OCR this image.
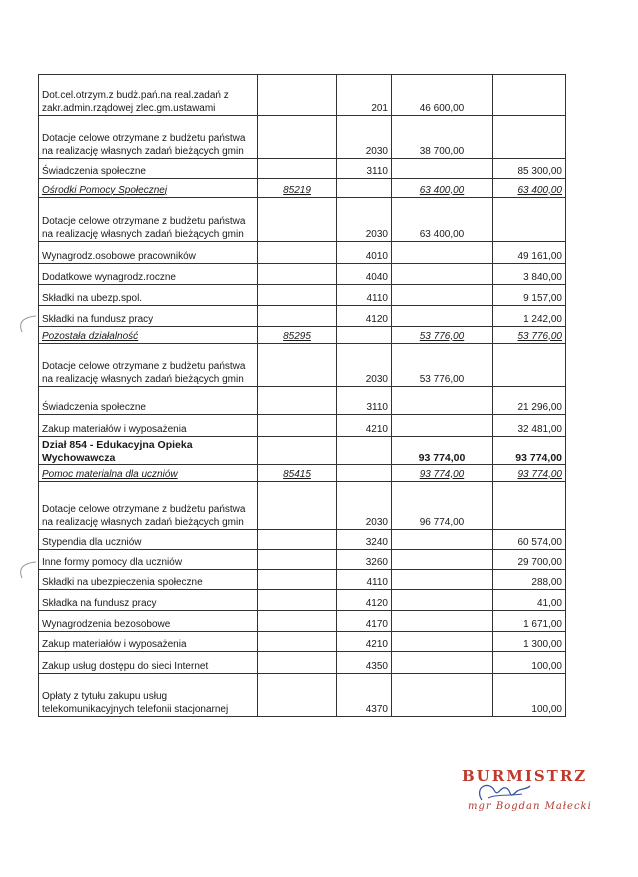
Dot.cel.otrzym.z budż.pań.na real.zadań z zakr.admin.rządowej zlec.gm.ustawami		201	46 600,00	
Dotacje celowe otrzymane z budżetu państwa na realizację własnych zadań bieżących gmin		2030	38 700,00	
Świadczenia społeczne		3110		85 300,00
Ośrodki Pomocy Społecznej	85219		63 400,00	63 400,00
Dotacje celowe otrzymane z budżetu państwa na realizację własnych zadań bieżących gmin		2030	63 400,00	
Wynagrodz.osobowe pracowników		4010		49 161,00
Dodatkowe wynagrodz.roczne		4040		3 840,00
Składki na ubezp.spol.		4110		9 157,00
Składki na fundusz pracy		4120		1 242,00
Pozostała działalność	85295		53 776,00	53 776,00
Dotacje celowe otrzymane z budżetu państwa na realizację własnych zadań bieżących gmin		2030	53 776,00	
Świadczenia społeczne		3110		21 296,00
Zakup materiałów i wyposażenia		4210		32 481,00
Dział 854 - Edukacyjna Opieka Wychowawcza			93 774,00	93 774,00
Pomoc materialna dla uczniów	85415		93 774,00	93 774,00
Dotacje celowe otrzymane z budżetu państwa na realizację własnych zadań bieżących gmin		2030	96 774,00	
Stypendia dla uczniów		3240		60 574,00
Inne formy pomocy dla uczniów		3260		29 700,00
Składki na ubezpieczenia społeczne		4110		288,00
Składka na fundusz pracy		4120		41,00
Wynagrodzenia bezosobowe		4170		1 671,00
Zakup materiałów i wyposażenia		4210		1 300,00
Zakup usług dostępu do sieci Internet		4350		100,00
Opłaty z tytułu zakupu usług telekomunikacyjnych telefonii stacjonarnej		4370		100,00
BURMISTRZ
mgr Bogdan Małecki
